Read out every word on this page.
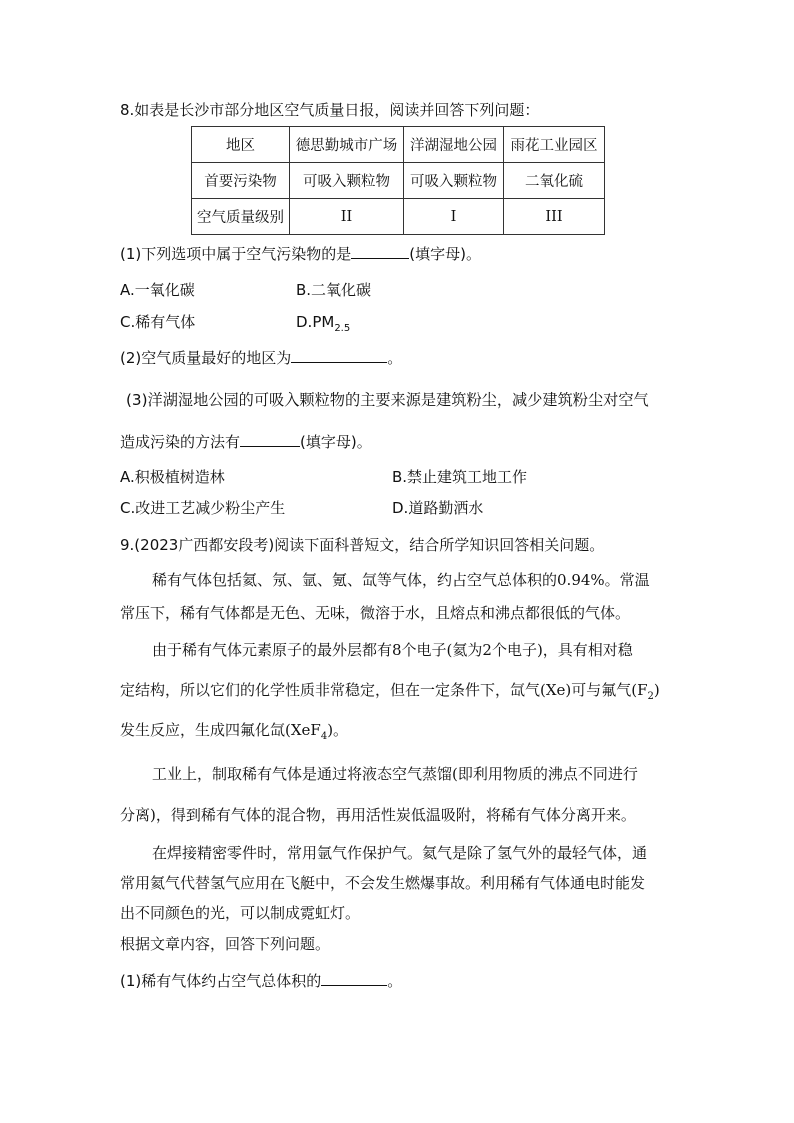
8.如表是长沙市部分地区空气质量日报，阅读并回答下列问题：
地区	德思勤城市广场	洋湖湿地公园	雨花工业园区
首要污染物	可吸入颗粒物	可吸入颗粒物	二氧化硫
空气质量级别	II	I	III
(1)下列选项中属于空气污染物的是	(填字母)。
A.一氧化碳	B.二氧化碳
C.稀有气体	$D.PM_{2.5}$
(2)空气质量最好的地区为	。
(3)洋湖湿地公园的可吸入颗粒物的主要来源是建筑粉尘，减少建筑粉尘对空气
造成污染的方法有	(填字母)。
A.积极植树造林	B.禁止建筑工地工作
C.改进工艺减少粉尘产生	D.道路勤洒水
9.(2023广西都安段考)阅读下面科普短文，结合所学知识回答相关问题。
稀有气体包括氦、氖、氩、氪、氙等气体，约占空气总体积的0.94%。常温
常压下，稀有气体都是无色、无味，微溶于水，且熔点和沸点都很低的气体。
由于稀有气体元素原子的最外层都有8个电子(氦为2个电子)，具有相对稳
定结构，所以它们的化学性质非常稳定，但在一定条件下，氙气(Xe)可与氟气$(F_2)$
发生反应，生成四氟化氙(XeF$_4$)。
工业上，制取稀有气体是通过将液态空气蒸馏(即利用物质的沸点不同进行
分离)，得到稀有气体的混合物，再用活性炭低温吸附，将稀有气体分离开来。
在焊接精密零件时，常用氩气作保护气。氦气是除了氢气外的最轻气体，通
常用氦气代替氢气应用在飞艇中，不会发生燃爆事故。利用稀有气体通电时能发
出不同颜色的光，可以制成霓虹灯。
根据文章内容，回答下列问题。
(1)稀有气体约占空气总体积的	。
